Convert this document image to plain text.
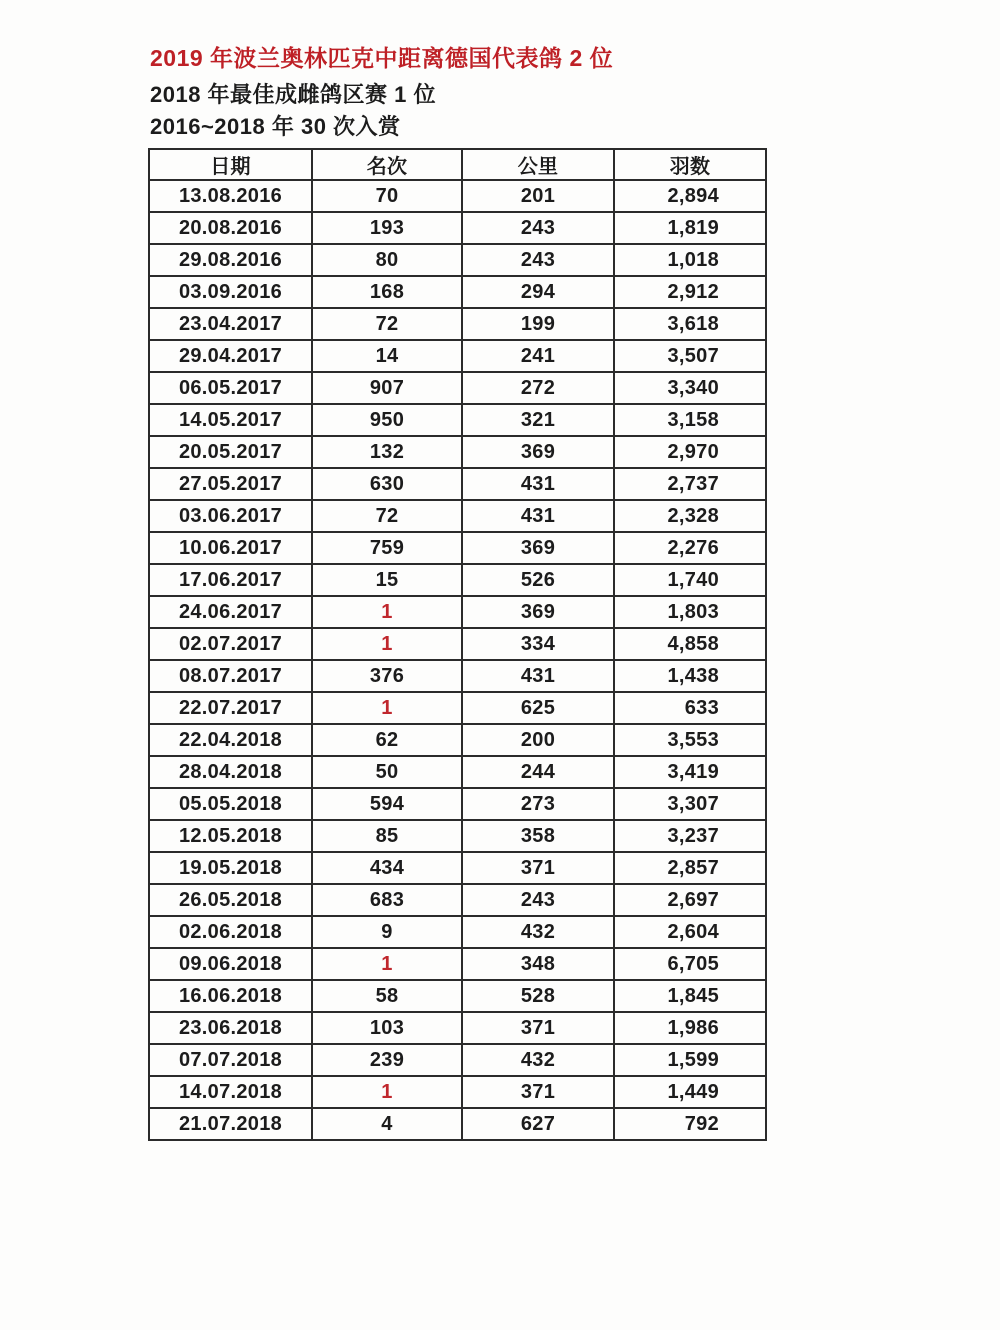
2019 年波兰奥林匹克中距离德国代表鸽 2 位

2018 年最佳成雌鸽区赛 1 位

2016~2018 年 30 次入赏

日期	名次	公里	羽数
13.08.2016	70	201	2,894
20.08.2016	193	243	1,819
29.08.2016	80	243	1,018
03.09.2016	168	294	2,912
23.04.2017	72	199	3,618
29.04.2017	14	241	3,507
06.05.2017	907	272	3,340
14.05.2017	950	321	3,158
20.05.2017	132	369	2,970
27.05.2017	630	431	2,737
03.06.2017	72	431	2,328
10.06.2017	759	369	2,276
17.06.2017	15	526	1,740
24.06.2017	1	369	1,803
02.07.2017	1	334	4,858
08.07.2017	376	431	1,438
22.07.2017	1	625	633
22.04.2018	62	200	3,553
28.04.2018	50	244	3,419
05.05.2018	594	273	3,307
12.05.2018	85	358	3,237
19.05.2018	434	371	2,857
26.05.2018	683	243	2,697
02.06.2018	9	432	2,604
09.06.2018	1	348	6,705
16.06.2018	58	528	1,845
23.06.2018	103	371	1,986
07.07.2018	239	432	1,599
14.07.2018	1	371	1,449
21.07.2018	4	627	792
